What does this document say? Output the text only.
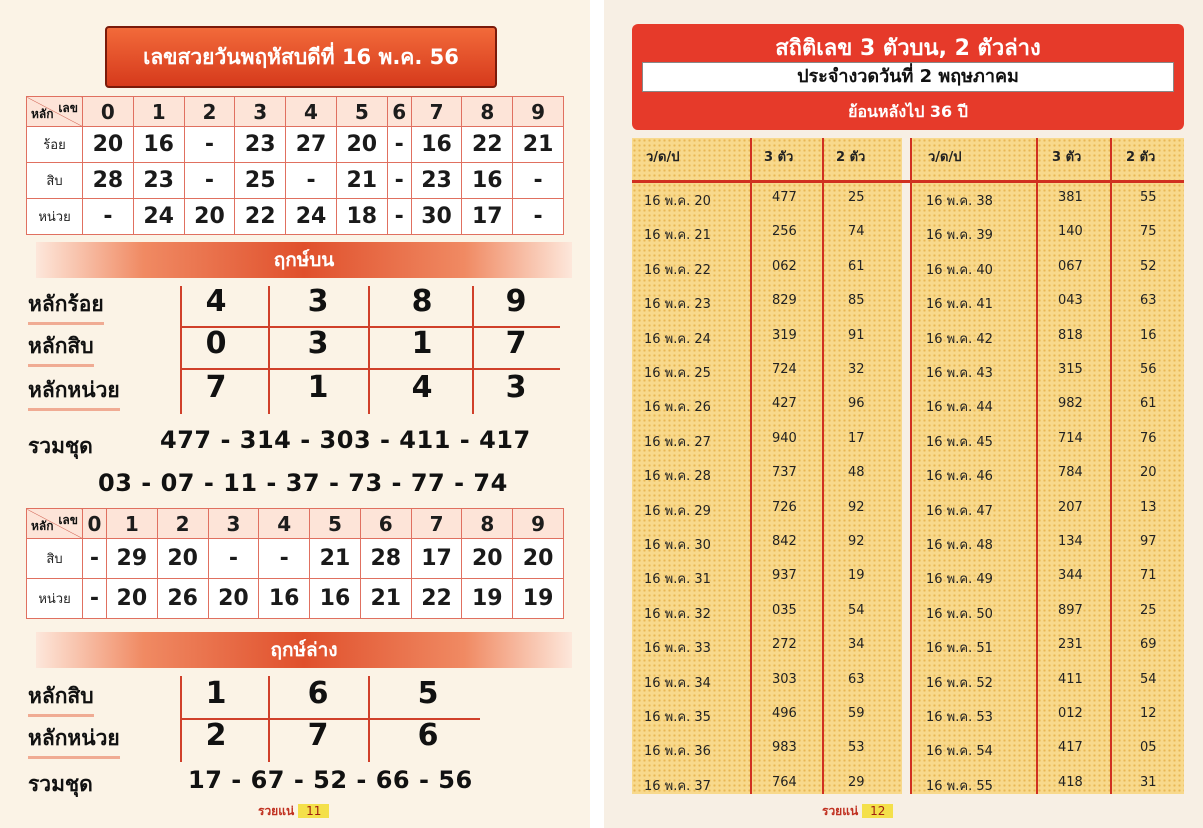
เลขสวยวันพฤหัสบดีที่ 16 พ.ค. 56
เลข
หลัก	0	1	2	3	4	5	6	7	8	9
ร้อย	20	16	-	23	27	20	-	16	22	21
สิบ	28	23	-	25	-	21	-	23	16	-
หน่วย	-	24	20	22	24	18	-	30	17	-
ฤกษ์บน
หลักร้อย	4	3	8	9
หลักสิบ	0	3	1	7
หลักหน่วย	7	1	4	3
รวมชุด	477 - 314 - 303 - 411 - 417
03 - 07 - 11 - 37 - 73 - 77 - 74
เลข
หลัก	0	1	2	3	4	5	6	7	8	9
สิบ	-	29	20	-	-	21	28	17	20	20
หน่วย	-	20	26	20	16	16	21	22	19	19
ฤกษ์ล่าง
หลักสิบ	1	6	5
หลักหน่วย	2	7	6
รวมชุด	17 - 67 - 52 - 66 - 56
รวยแน่ 11
สถิติเลข 3 ตัวบน, 2 ตัวล่าง
ประจำงวดวันที่ 2 พฤษภาคม
ย้อนหลังไป 36 ปี
ว/ด/ป	3 ตัว	2 ตัว	ว/ด/ป	3 ตัว	2 ตัว
16 พ.ค. 20	477	25	16 พ.ค. 38	381	55
16 พ.ค. 21	256	74	16 พ.ค. 39	140	75
16 พ.ค. 22	062	61	16 พ.ค. 40	067	52
16 พ.ค. 23	829	85	16 พ.ค. 41	043	63
16 พ.ค. 24	319	91	16 พ.ค. 42	818	16
16 พ.ค. 25	724	32	16 พ.ค. 43	315	56
16 พ.ค. 26	427	96	16 พ.ค. 44	982	61
16 พ.ค. 27	940	17	16 พ.ค. 45	714	76
16 พ.ค. 28	737	48	16 พ.ค. 46	784	20
16 พ.ค. 29	726	92	16 พ.ค. 47	207	13
16 พ.ค. 30	842	92	16 พ.ค. 48	134	97
16 พ.ค. 31	937	19	16 พ.ค. 49	344	71
16 พ.ค. 32	035	54	16 พ.ค. 50	897	25
16 พ.ค. 33	272	34	16 พ.ค. 51	231	69
16 พ.ค. 34	303	63	16 พ.ค. 52	411	54
16 พ.ค. 35	496	59	16 พ.ค. 53	012	12
16 พ.ค. 36	983	53	16 พ.ค. 54	417	05
16 พ.ค. 37	764	29	16 พ.ค. 55	418	31
รวยแน่ 12
